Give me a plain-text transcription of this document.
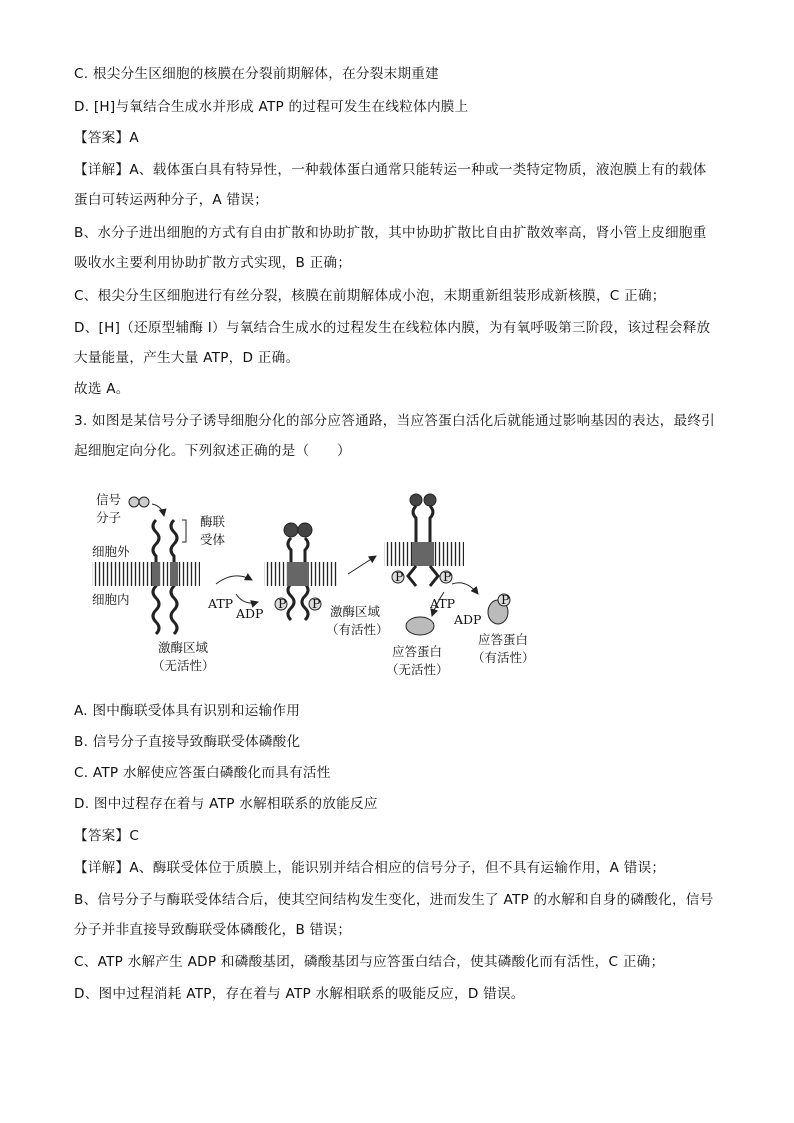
C. 根尖分生区细胞的核膜在分裂前期解体，在分裂末期重建
D. [H]与氧结合生成水并形成 ATP 的过程可发生在线粒体内膜上
【答案】A
【详解】A、载体蛋白具有特异性，一种载体蛋白通常只能转运一种或一类特定物质，液泡膜上有的载体
蛋白可转运两种分子，A 错误；
B、水分子进出细胞的方式有自由扩散和协助扩散，其中协助扩散比自由扩散效率高，肾小管上皮细胞重
吸收水主要利用协助扩散方式实现，B 正确；
C、根尖分生区细胞进行有丝分裂，核膜在前期解体成小泡，末期重新组装形成新核膜，C 正确；
D、[H]（还原型辅酶 I）与氧结合生成水的过程发生在线粒体内膜，为有氧呼吸第三阶段，该过程会释放
大量能量，产生大量 ATP，D 正确。
故选 A。
3. 如图是某信号分子诱导细胞分化的部分应答通路，当应答蛋白活化后就能通过影响基因的表达，最终引
起细胞定向分化。下列叙述正确的是（　　）
P P
P	P
P
信号
分子	酶联
受体
细胞外
细胞内	ATP
ADP
激酶区域
（无活性）
激酶区域
（有活性）
ATP
ADP
应答蛋白
（无活性）
应答蛋白
（有活性）
A. 图中酶联受体具有识别和运输作用
B. 信号分子直接导致酶联受体磷酸化
C. ATP 水解使应答蛋白磷酸化而具有活性
D. 图中过程存在着与 ATP 水解相联系的放能反应
【答案】C
【详解】A、酶联受体位于质膜上，能识别并结合相应的信号分子，但不具有运输作用，A 错误；
B、信号分子与酶联受体结合后，使其空间结构发生变化，进而发生了 ATP 的水解和自身的磷酸化，信号
分子并非直接导致酶联受体磷酸化，B 错误；
C、ATP 水解产生 ADP 和磷酸基团，磷酸基团与应答蛋白结合，使其磷酸化而有活性，C 正确；
D、图中过程消耗 ATP，存在着与 ATP 水解相联系的吸能反应，D 错误。
